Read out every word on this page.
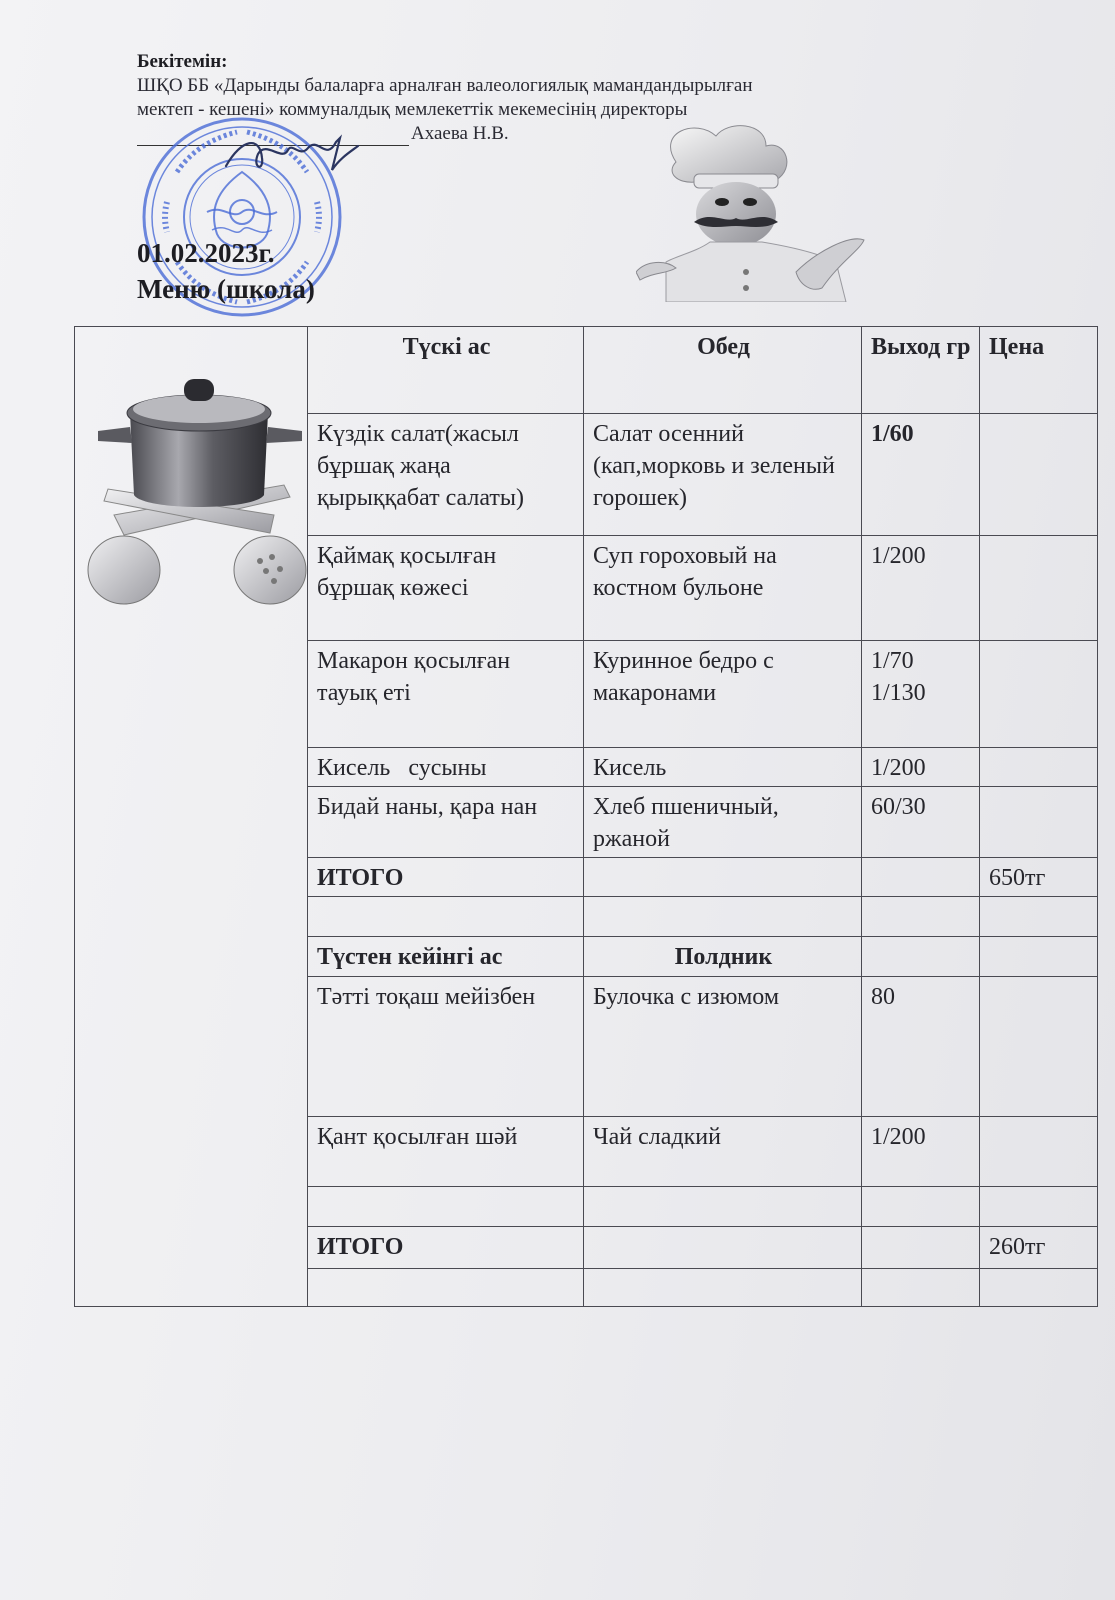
Бекітемін:
ШҚО ББ «Дарынды балаларға арналған валеологиялық мамандандырылған
мектеп - кешені» коммуналдық мемлекеттік мекемесінің директоры
Ахаева Н.В.
01.02.2023г.
Меню (школа)
	Түскі ас	Обед	Выход гр	Цена
	Күздік салат(жасыл бұршақ жаңа қырыққабат салаты)	Салат осенний (кап,морковь и зеленый горошек)	1/60	
	Қаймақ қосылған бұршақ көжесі	Суп гороховый на костном бульоне	1/200	
	Макарон қосылған тауық еті	Куринное бедро с макаронами	1/70 1/130	
	Кисель   сусыны	Кисель	1/200	
	Бидай наны, қара нан	Хлеб пшеничный, ржаной	60/30	
	ИТОГО			650тг

	Түстен кейінгі ас	Полдник		
	Тәтті тоқаш мейізбен	Булочка с изюмом	80	
	Қант қосылған шәй	Чай сладкий	1/200	

	ИТОГО			260тг
